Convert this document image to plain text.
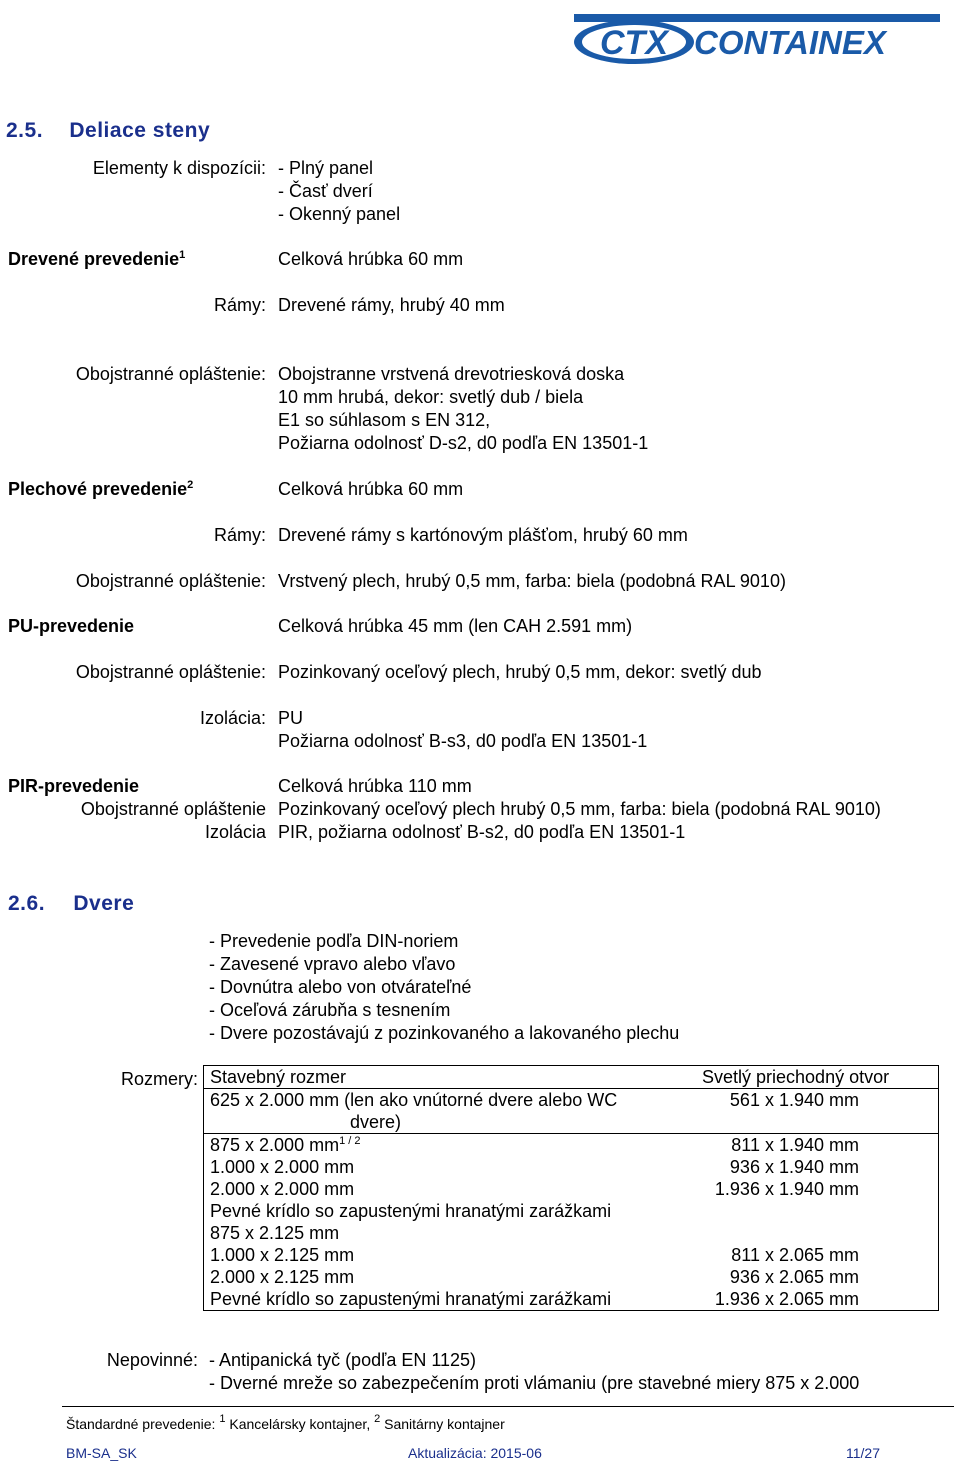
CTX CONTAINEX
2.5. Deliace steny
Elementy k dispozícii: - Plný panel
- Časť dverí
- Okenný panel
Drevené prevedenie$^1$	Celková hrúbka 60 mm
Rámy: Drevené rámy, hrubý 40 mm
Obojstranné opláštenie: Obojstranne vrstvená drevotriesková doska
10 mm hrubá, dekor: svetlý dub / biela
E1 so súhlasom s EN 312,
Požiarna odolnosť D-s2, d0 podľa EN 13501-1
Plechové prevedenie$^2$	Celková hrúbka 60 mm
Rámy: Drevené rámy s kartónovým plášťom, hrubý 60 mm
Obojstranné opláštenie: Vrstvený plech, hrubý 0,5 mm, farba: biela (podobná RAL 9010)
PU-prevedenie	Celková hrúbka 45 mm (len CAH 2.591 mm)
Obojstranné opláštenie: Pozinkovaný oceľový plech, hrubý 0,5 mm, dekor: svetlý dub
Izolácia: PU
Požiarna odolnosť B-s3, d0 podľa EN 13501-1
PIR-prevedenie	Celková hrúbka 110 mm
Obojstranné opláštenie Pozinkovaný oceľový plech hrubý 0,5 mm, farba: biela (podobná RAL 9010)
Izolácia PIR, požiarna odolnosť B-s2, d0 podľa EN 13501-1
2.6. Dvere
- Prevedenie podľa DIN-noriem
- Zavesené vpravo alebo vľavo
- Dovnútra alebo von otvárateľné
- Oceľová zárubňa s tesnením
- Dvere pozostávajú z pozinkovaného a lakovaného plechu
Rozmery: Stavebný rozmer	Svetlý priechodný otvor
625 x 2.000 mm (len ako vnútorné dvere alebo WC	561 x 1.940 mm
dvere)	
875 x 2.000 $mm^{1 / 2}$	811 x 1.940 mm
1.000 x 2.000 mm	936 x 1.940 mm
2.000 x 2.000 mm	1.936 x 1.940 mm
Pevné krídlo so zapustenými hranatými zarážkami	
875 x 2.125 mm	
1.000 x 2.125 mm	811 x 2.065 mm
2.000 x 2.125 mm	936 x 2.065 mm
Pevné krídlo so zapustenými hranatými zarážkami	1.936 x 2.065 mm
Nepovinné: - Antipanická tyč (podľa EN 1125)
- Dverné mreže so zabezpečením proti vlámaniu (pre stavebné miery 875 x 2.000
Štandardné prevedenie: $^1$ Kancelársky kontajner, $^2$ Sanitárny kontajner
BM-SA_SK	Aktualizácia: 2015-06	11/27
